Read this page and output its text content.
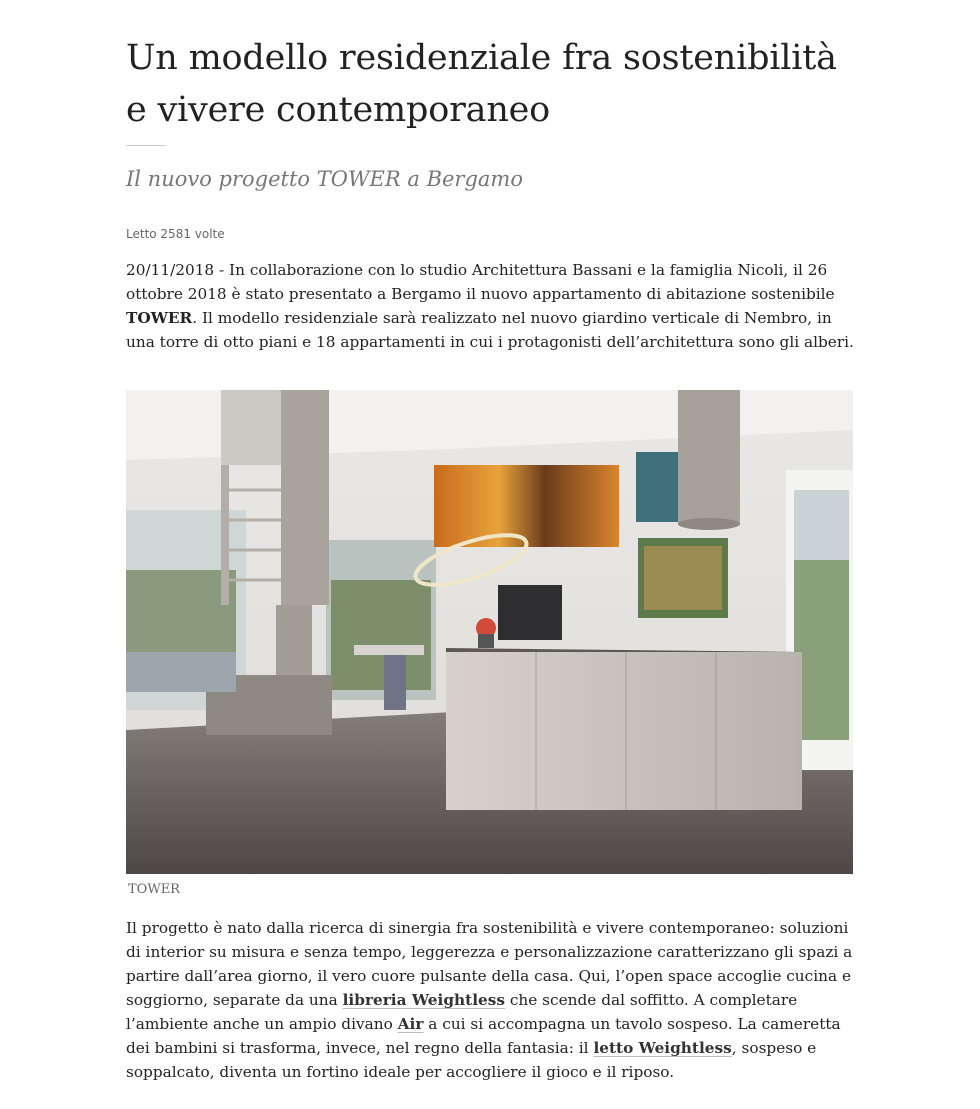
Un modello residenziale fra sostenibilità e vivere contemporaneo
Il nuovo progetto TOWER a Bergamo
Letto 2581 volte

20/11/2018 - In collaborazione con lo studio Architettura Bassani e la famiglia Nicoli, il 26 ottobre 2018 è stato presentato a Bergamo il nuovo appartamento di abitazione sostenibile TOWER. Il modello residenziale sarà realizzato nel nuovo giardino verticale di Nembro, in una torre di otto piani e 18 appartamenti in cui i protagonisti dell’architettura sono gli alberi.

TOWER

Il progetto è nato dalla ricerca di sinergia fra sostenibilità e vivere contemporaneo: soluzioni di interior su misura e senza tempo, leggerezza e personalizzazione caratterizzano gli spazi a partire dall’area giorno, il vero cuore pulsante della casa. Qui, l’open space accoglie cucina e soggiorno, separate da una libreria Weightless che scende dal soffitto. A completare l’ambiente anche un ampio divano Air a cui si accompagna un tavolo sospeso. La cameretta dei bambini si trasforma, invece, nel regno della fantasia: il letto Weightless, sospeso e soppalcato, diventa un fortino ideale per accogliere il gioco e il riposo.
